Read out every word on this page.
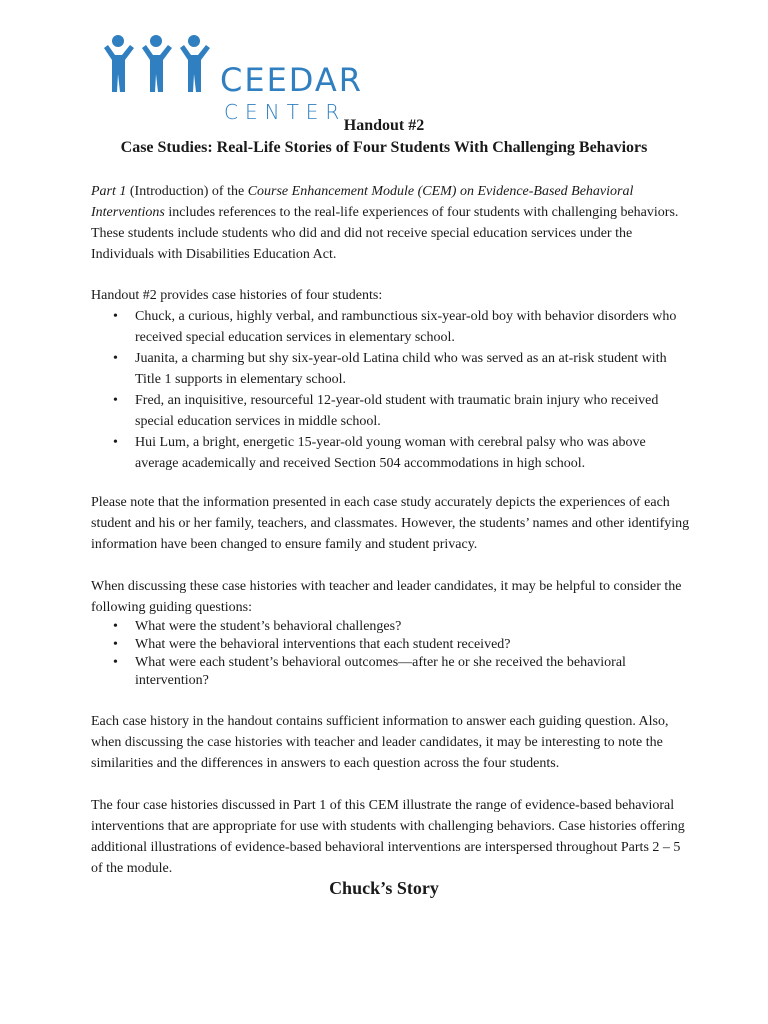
CEEDAR
CENTER
Handout #2
Case Studies: Real-Life Stories of Four Students With Challenging Behaviors

Part 1 (Introduction) of the Course Enhancement Module (CEM) on Evidence-Based Behavioral Interventions includes references to the real-life experiences of four students with challenging behaviors. These students include students who did and did not receive special education services under the Individuals with Disabilities Education Act.

Handout #2 provides case histories of four students:

• Chuck, a curious, highly verbal, and rambunctious six-year-old boy with behavior disorders who received special education services in elementary school.
• Juanita, a charming but shy six-year-old Latina child who was served as an at-risk student with Title 1 supports in elementary school.
• Fred, an inquisitive, resourceful 12-year-old student with traumatic brain injury who received special education services in middle school.
• Hui Lum, a bright, energetic 15-year-old young woman with cerebral palsy who was above average academically and received Section 504 accommodations in high school.

Please note that the information presented in each case study accurately depicts the experiences of each student and his or her family, teachers, and classmates. However, the students’ names and other identifying information have been changed to ensure family and student privacy.

When discussing these case histories with teacher and leader candidates, it may be helpful to consider the following guiding questions:

• What were the student’s behavioral challenges?
• What were the behavioral interventions that each student received?
• What were each student’s behavioral outcomes—after he or she received the behavioral intervention?

Each case history in the handout contains sufficient information to answer each guiding question. Also, when discussing the case histories with teacher and leader candidates, it may be interesting to note the similarities and the differences in answers to each question across the four students.

The four case histories discussed in Part 1 of this CEM illustrate the range of evidence-based behavioral interventions that are appropriate for use with students with challenging behaviors. Case histories offering additional illustrations of evidence-based behavioral interventions are interspersed throughout Parts 2 – 5 of the module.

Chuck’s Story
